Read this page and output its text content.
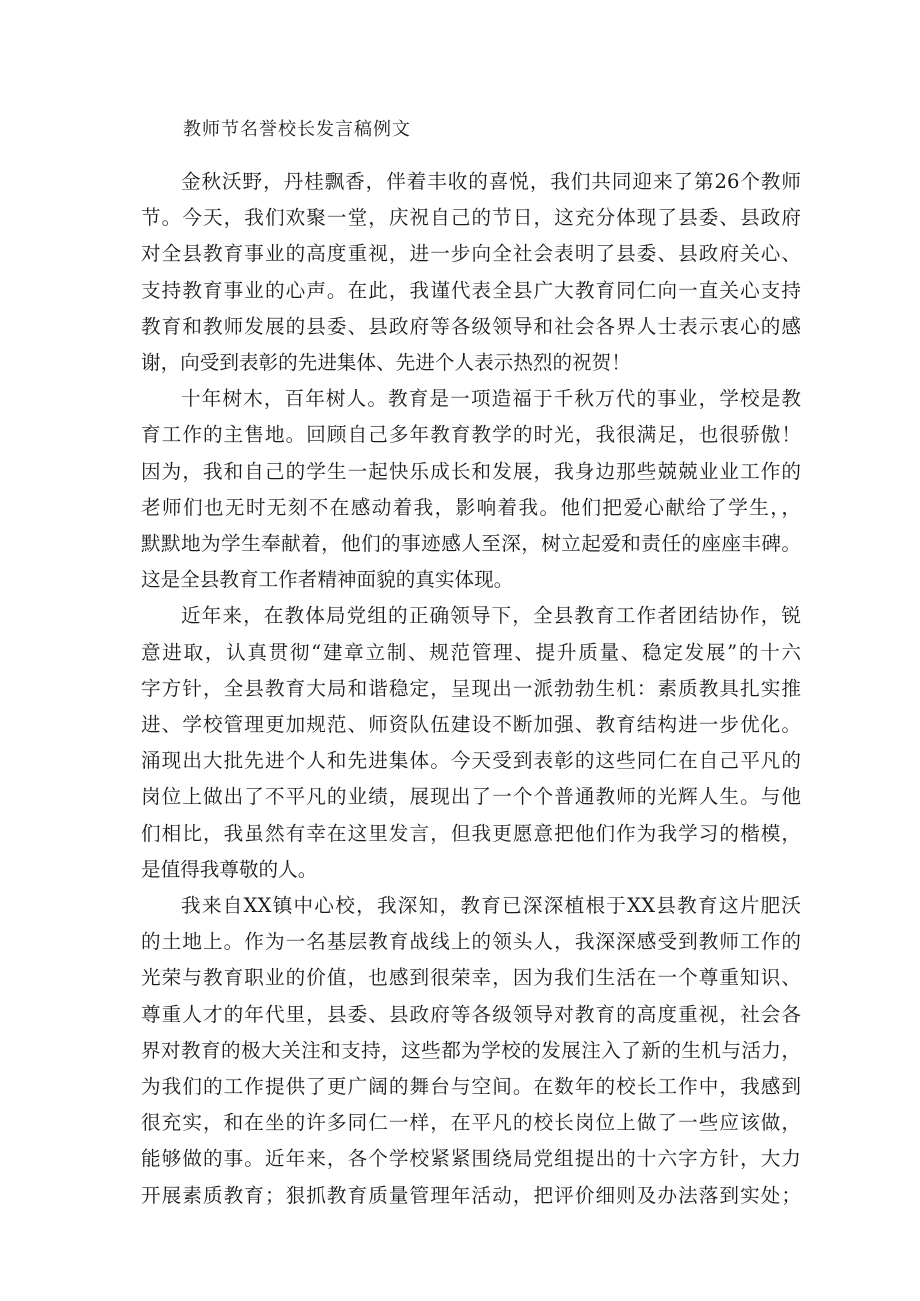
教师节名誉校长发言稿例文
金秋沃野，丹桂飘香，伴着丰收的喜悦，我们共同迎来了第26个教师
节。今天，我们欢聚一堂，庆祝自己的节日，这充分体现了县委、县政府
对全县教育事业的高度重视，进一步向全社会表明了县委、县政府关心、
支持教育事业的心声。在此，我谨代表全县广大教育同仁向一直关心支持
教育和教师发展的县委、县政府等各级领导和社会各界人士表示衷心的感
谢，向受到表彰的先进集体、先进个人表示热烈的祝贺！
十年树木，百年树人。教育是一项造福于千秋万代的事业，学校是教
育工作的主售地。回顾自己多年教育教学的时光，我很满足，也很骄傲！
因为，我和自己的学生一起快乐成长和发展，我身边那些兢兢业业工作的
老师们也无时无刻不在感动着我，影响着我。他们把爱心献给了学生，，
默默地为学生奉献着，他们的事迹感人至深，树立起爱和责任的座座丰碑。
这是全县教育工作者精神面貌的真实体现。
近年来，在教体局党组的正确领导下，全县教育工作者团结协作，锐
意进取，认真贯彻“建章立制、规范管理、提升质量、稳定发展”的十六
字方针，全县教育大局和谐稳定，呈现出一派勃勃生机：素质教具扎实推
进、学校管理更加规范、师资队伍建设不断加强、教育结构进一步优化。
涌现出大批先进个人和先进集体。今天受到表彰的这些同仁在自己平凡的
岗位上做出了不平凡的业绩，展现出了一个个普通教师的光辉人生。与他
们相比，我虽然有幸在这里发言，但我更愿意把他们作为我学习的楷模，
是值得我尊敬的人。
我来自XX镇中心校，我深知，教育已深深植根于XX县教育这片肥沃
的土地上。作为一名基层教育战线上的领头人，我深深感受到教师工作的
光荣与教育职业的价值，也感到很荣幸，因为我们生活在一个尊重知识、
尊重人才的年代里，县委、县政府等各级领导对教育的高度重视，社会各
界对教育的极大关注和支持，这些都为学校的发展注入了新的生机与活力，
为我们的工作提供了更广阔的舞台与空间。在数年的校长工作中，我感到
很充实，和在坐的许多同仁一样，在平凡的校长岗位上做了一些应该做，
能够做的事。近年来，各个学校紧紧围绕局党组提出的十六字方针，大力
开展素质教育；狠抓教育质量管理年活动，把评价细则及办法落到实处；
